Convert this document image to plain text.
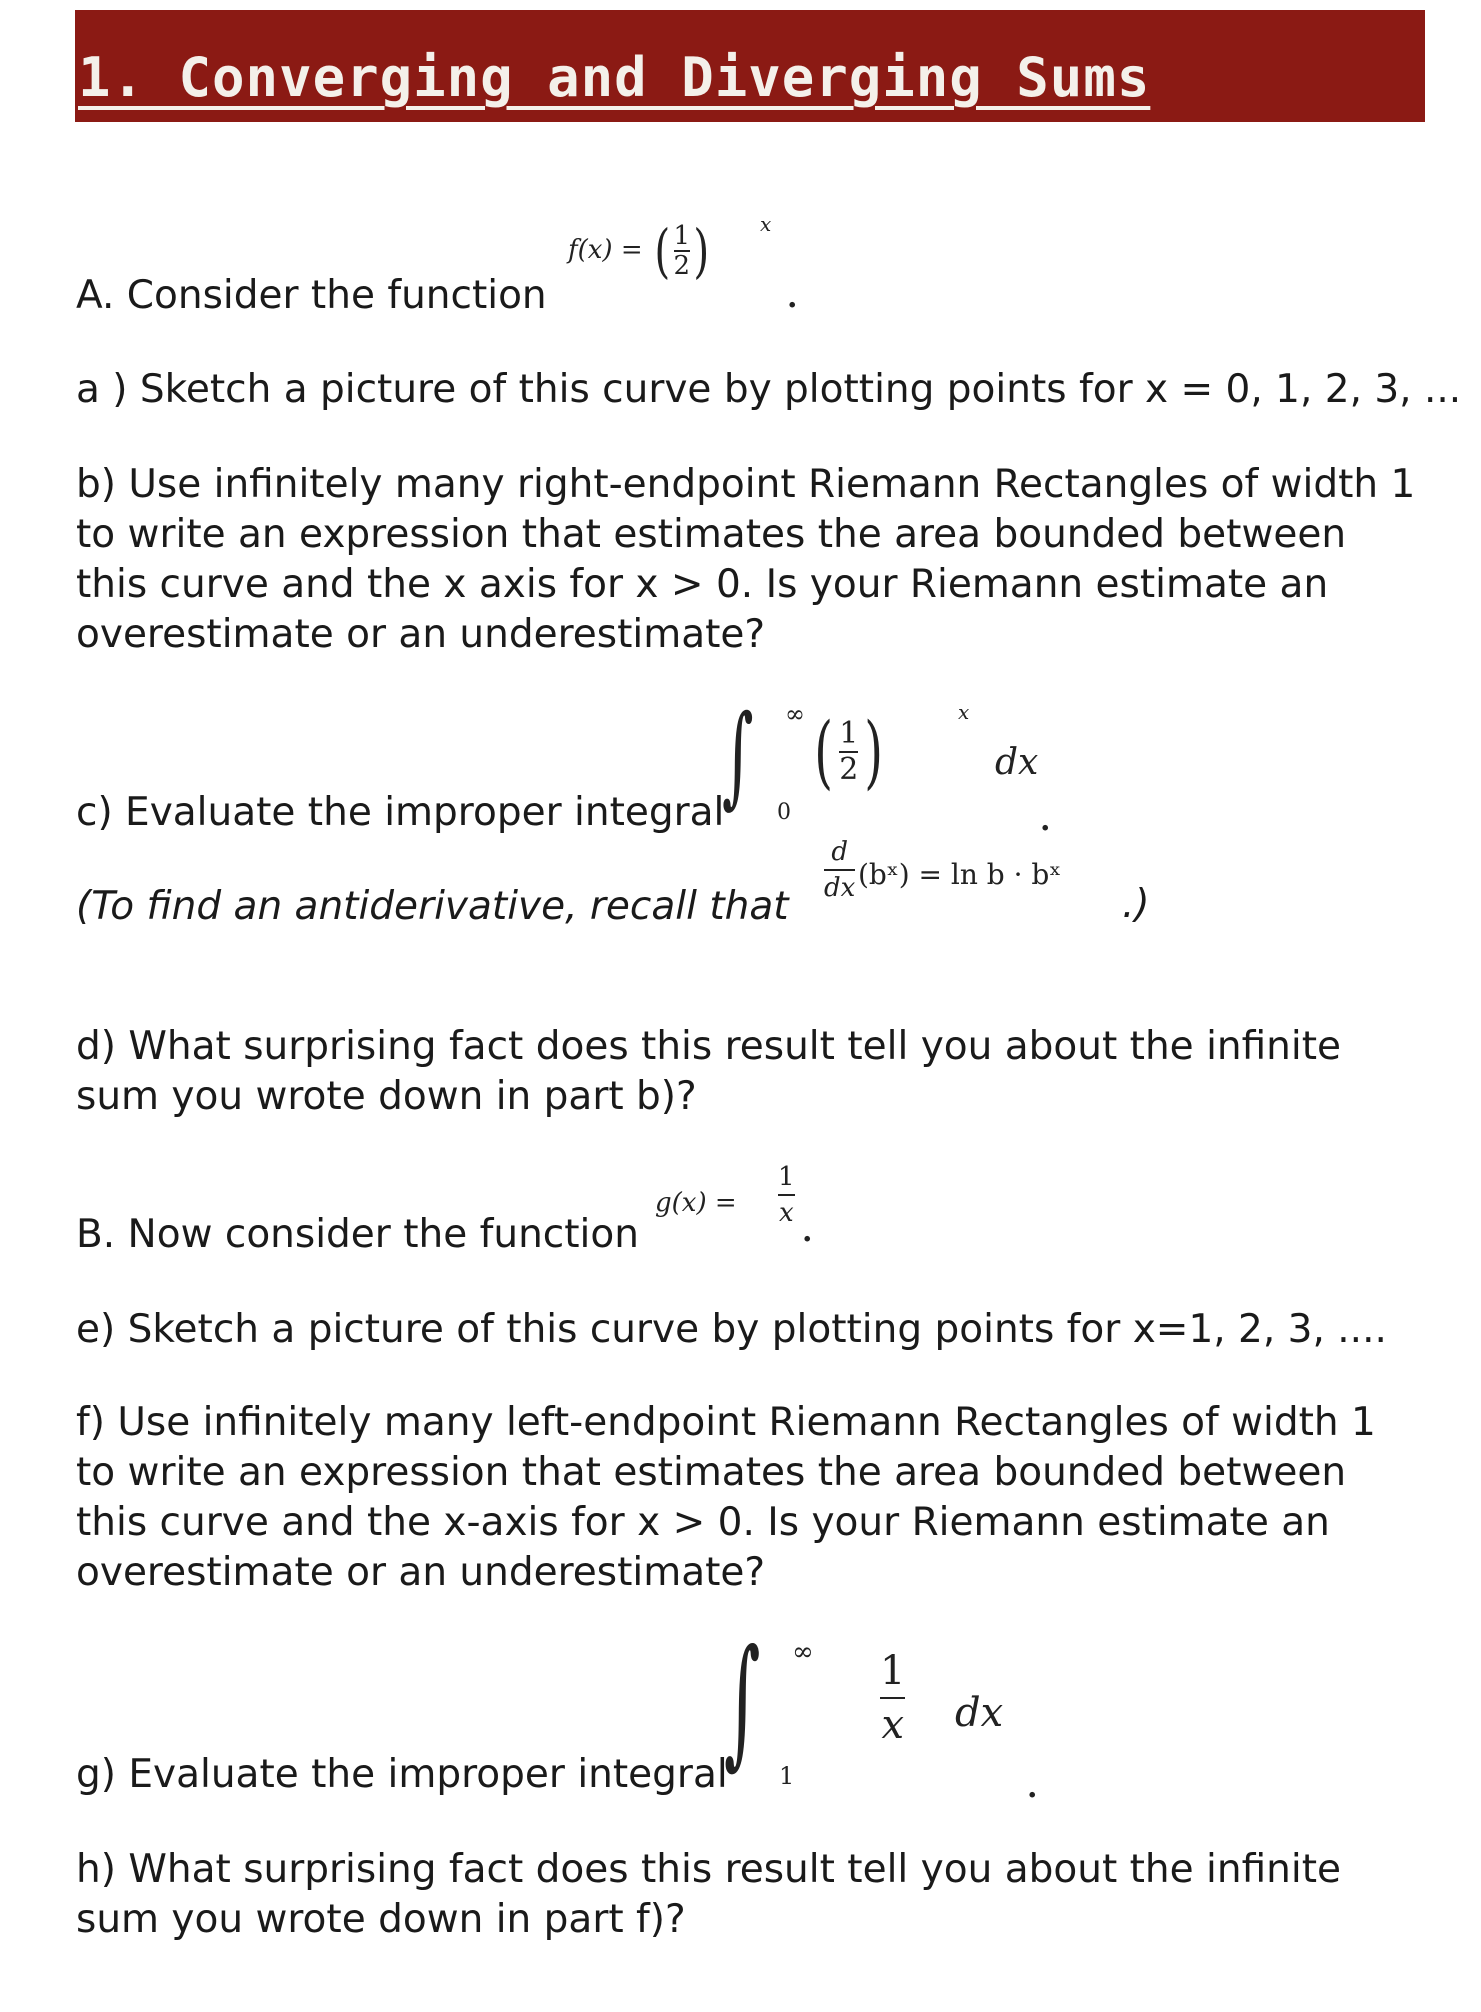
1. Converging and Diverging Sums
A. Consider the function
f(x) = ( $\frac{1}{2}$ )	x
.
a ) Sketch a picture of this curve by plotting points for x = 0, 1, 2, 3, ...
b) Use infinitely many right-endpoint Riemann Rectangles of width 1
to write an expression that estimates the area bounded between
this curve and the x axis for x > 0. Is your Riemann estimate an
overestimate or an underestimate?
c) Evaluate the improper integral
∫ ∞
0
( $\frac{1}{2}$ )	x
dx
.
(To find an antiderivative, recall that
$\frac{d}{dx}$ (bˣ) = ln b · bˣ
.)
d) What surprising fact does this result tell you about the infinite
sum you wrote down in part b)?
B. Now consider the function
$g(x) = \frac{1}{x}$
.
e) Sketch a picture of this curve by plotting points for x=1, 2, 3, ....
f) Use infinitely many left-endpoint Riemann Rectangles of width 1
to write an expression that estimates the area bounded between
this curve and the x-axis for x > 0. Is your Riemann estimate an
overestimate or an underestimate?
g) Evaluate the improper integral
∫ ∞
1
$\frac{1}{x}$ dx
.
h) What surprising fact does this result tell you about the infinite
sum you wrote down in part f)?
